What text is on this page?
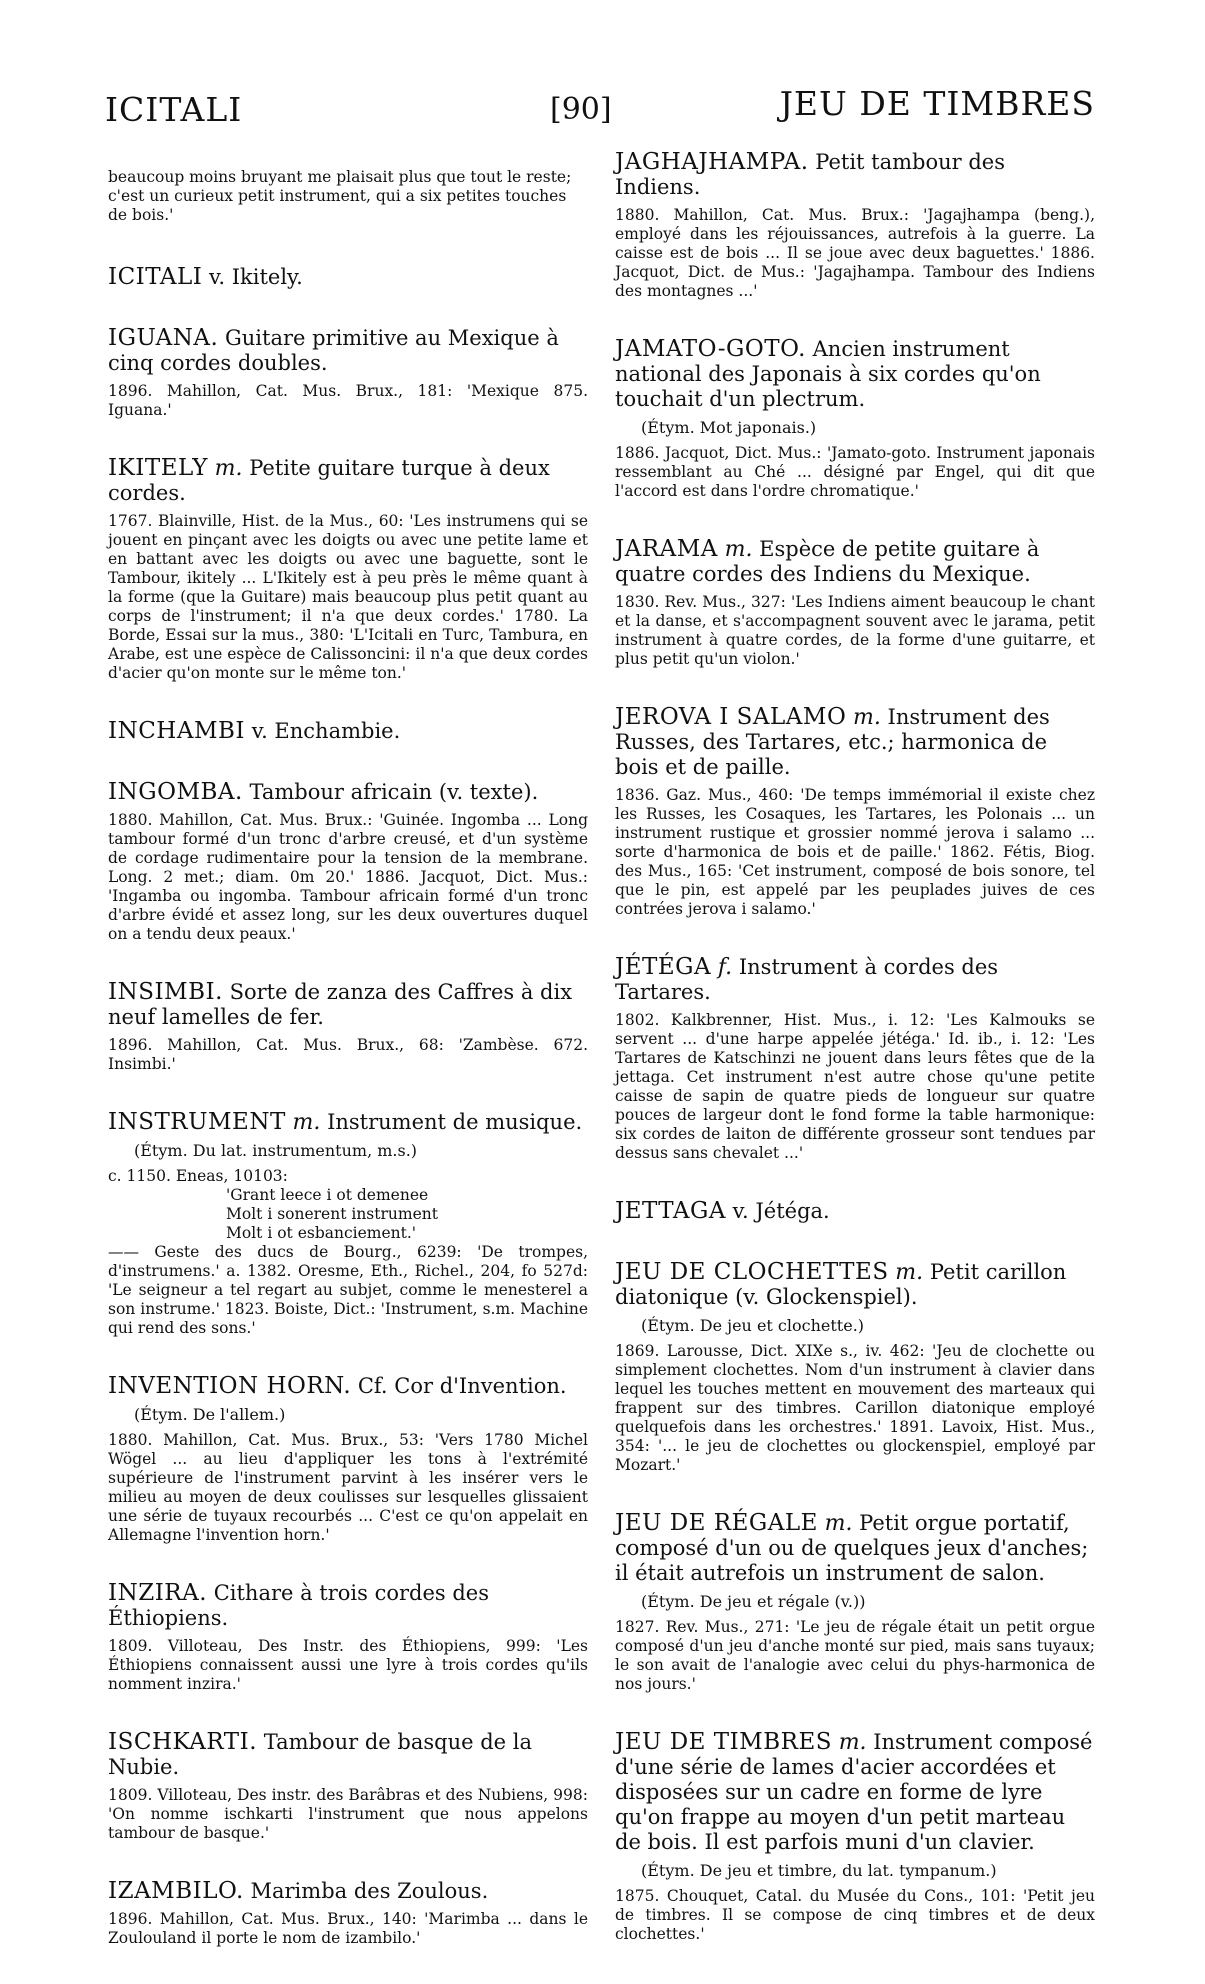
ICITALI	[90]	JEU DE TIMBRES

beaucoup moins bruyant me plaisait plus que tout le reste; c'est un curieux petit instrument, qui a six petites touches de bois.'

ICITALI v. Ikitely.

IGUANA. Guitare primitive au Mexique à cinq cordes doubles.

1896. Mahillon, Cat. Mus. Brux., 181: 'Mexique 875. Iguana.'

IKITELY m. Petite guitare turque à deux cordes.

1767. Blainville, Hist. de la Mus., 60: 'Les instrumens qui se jouent en pinçant avec les doigts ou avec une petite lame et en battant avec les doigts ou avec une baguette, sont le Tambour, ikitely ... L'Ikitely est à peu près le même quant à la forme (que la Guitare) mais beaucoup plus petit quant au corps de l'instrument; il n'a que deux cordes.' 1780. La Borde, Essai sur la mus., 380: 'L'Icitali en Turc, Tambura, en Arabe, est une espèce de Calissoncini: il n'a que deux cordes d'acier qu'on monte sur le même ton.'

INCHAMBI v. Enchambie.

INGOMBA. Tambour africain (v. texte).

1880. Mahillon, Cat. Mus. Brux.: 'Guinée. Ingomba ... Long tambour formé d'un tronc d'arbre creusé, et d'un système de cordage rudimentaire pour la tension de la membrane. Long. 2 met.; diam. 0m 20.' 1886. Jacquot, Dict. Mus.: 'Ingamba ou ingomba. Tambour africain formé d'un tronc d'arbre évidé et assez long, sur les deux ouvertures duquel on a tendu deux peaux.'

INSIMBI. Sorte de zanza des Caffres à dix neuf lamelles de fer.

1896. Mahillon, Cat. Mus. Brux., 68: 'Zambèse. 672. Insimbi.'

INSTRUMENT m. Instrument de musique.

(Étym. Du lat. instrumentum, m.s.)

c. 1150. Eneas, 10103:
'Grant leece i ot demenee
Molt i sonerent instrument
Molt i ot esbanciement.'

—— Geste des ducs de Bourg., 6239: 'De trompes, d'instrumens.' a. 1382. Oresme, Eth., Richel., 204, fo 527d: 'Le seigneur a tel regart au subjet, comme le menesterel a son instrume.' 1823. Boiste, Dict.: 'Instrument, s.m. Machine qui rend des sons.'

INVENTION HORN. Cf. Cor d'Invention.

(Étym. De l'allem.)

1880. Mahillon, Cat. Mus. Brux., 53: 'Vers 1780 Michel Wögel ... au lieu d'appliquer les tons à l'extrémité supérieure de l'instrument parvint à les insérer vers le milieu au moyen de deux coulisses sur lesquelles glissaient une série de tuyaux recourbés ... C'est ce qu'on appelait en Allemagne l'invention horn.'

INZIRA. Cithare à trois cordes des Éthiopiens.

1809. Villoteau, Des Instr. des Éthiopiens, 999: 'Les Éthiopiens connaissent aussi une lyre à trois cordes qu'ils nomment inzira.'

ISCHKARTI. Tambour de basque de la Nubie.

1809. Villoteau, Des instr. des Barâbras et des Nubiens, 998: 'On nomme ischkarti l'instrument que nous appelons tambour de basque.'

IZAMBILO. Marimba des Zoulous.

1896. Mahillon, Cat. Mus. Brux., 140: 'Marimba ... dans le Zoulouland il porte le nom de izambilo.'

JAGHAJHAMPA. Petit tambour des Indiens.

1880. Mahillon, Cat. Mus. Brux.: 'Jagajhampa (beng.), employé dans les réjouissances, autrefois à la guerre. La caisse est de bois ... Il se joue avec deux baguettes.' 1886. Jacquot, Dict. de Mus.: 'Jagajhampa. Tambour des Indiens des montagnes ...'

JAMATO-GOTO. Ancien instrument national des Japonais à six cordes qu'on touchait d'un plectrum.

(Étym. Mot japonais.)

1886. Jacquot, Dict. Mus.: 'Jamato-goto. Instrument japonais ressemblant au Ché ... désigné par Engel, qui dit que l'accord est dans l'ordre chromatique.'

JARAMA m. Espèce de petite guitare à quatre cordes des Indiens du Mexique.

1830. Rev. Mus., 327: 'Les Indiens aiment beaucoup le chant et la danse, et s'accompagnent souvent avec le jarama, petit instrument à quatre cordes, de la forme d'une guitarre, et plus petit qu'un violon.'

JEROVA I SALAMO m. Instrument des Russes, des Tartares, etc.; harmonica de bois et de paille.

1836. Gaz. Mus., 460: 'De temps immémorial il existe chez les Russes, les Cosaques, les Tartares, les Polonais ... un instrument rustique et grossier nommé jerova i salamo ... sorte d'harmonica de bois et de paille.' 1862. Fétis, Biog. des Mus., 165: 'Cet instrument, composé de bois sonore, tel que le pin, est appelé par les peuplades juives de ces contrées jerova i salamo.'

JÉTÉGA f. Instrument à cordes des Tartares.

1802. Kalkbrenner, Hist. Mus., i. 12: 'Les Kalmouks se servent ... d'une harpe appelée jétéga.' Id. ib., i. 12: 'Les Tartares de Katschinzi ne jouent dans leurs fêtes que de la jettaga. Cet instrument n'est autre chose qu'une petite caisse de sapin de quatre pieds de longueur sur quatre pouces de largeur dont le fond forme la table harmonique: six cordes de laiton de différente grosseur sont tendues par dessus sans chevalet ...'

JETTAGA v. Jétéga.

JEU DE CLOCHETTES m. Petit carillon diatonique (v. Glockenspiel).

(Étym. De jeu et clochette.)

1869. Larousse, Dict. XIXe s., iv. 462: 'Jeu de clochette ou simplement clochettes. Nom d'un instrument à clavier dans lequel les touches mettent en mouvement des marteaux qui frappent sur des timbres. Carillon diatonique employé quelquefois dans les orchestres.' 1891. Lavoix, Hist. Mus., 354: '... le jeu de clochettes ou glockenspiel, employé par Mozart.'

JEU DE RÉGALE m. Petit orgue portatif, composé d'un ou de quelques jeux d'anches; il était autrefois un instrument de salon.

(Étym. De jeu et régale (v.))

1827. Rev. Mus., 271: 'Le jeu de régale était un petit orgue composé d'un jeu d'anche monté sur pied, mais sans tuyaux; le son avait de l'analogie avec celui du phys-harmonica de nos jours.'

JEU DE TIMBRES m. Instrument composé d'une série de lames d'acier accordées et disposées sur un cadre en forme de lyre qu'on frappe au moyen d'un petit marteau de bois. Il est parfois muni d'un clavier.

(Étym. De jeu et timbre, du lat. tympanum.)

1875. Chouquet, Catal. du Musée du Cons., 101: 'Petit jeu de timbres. Il se compose de cinq timbres et de deux clochettes.'
